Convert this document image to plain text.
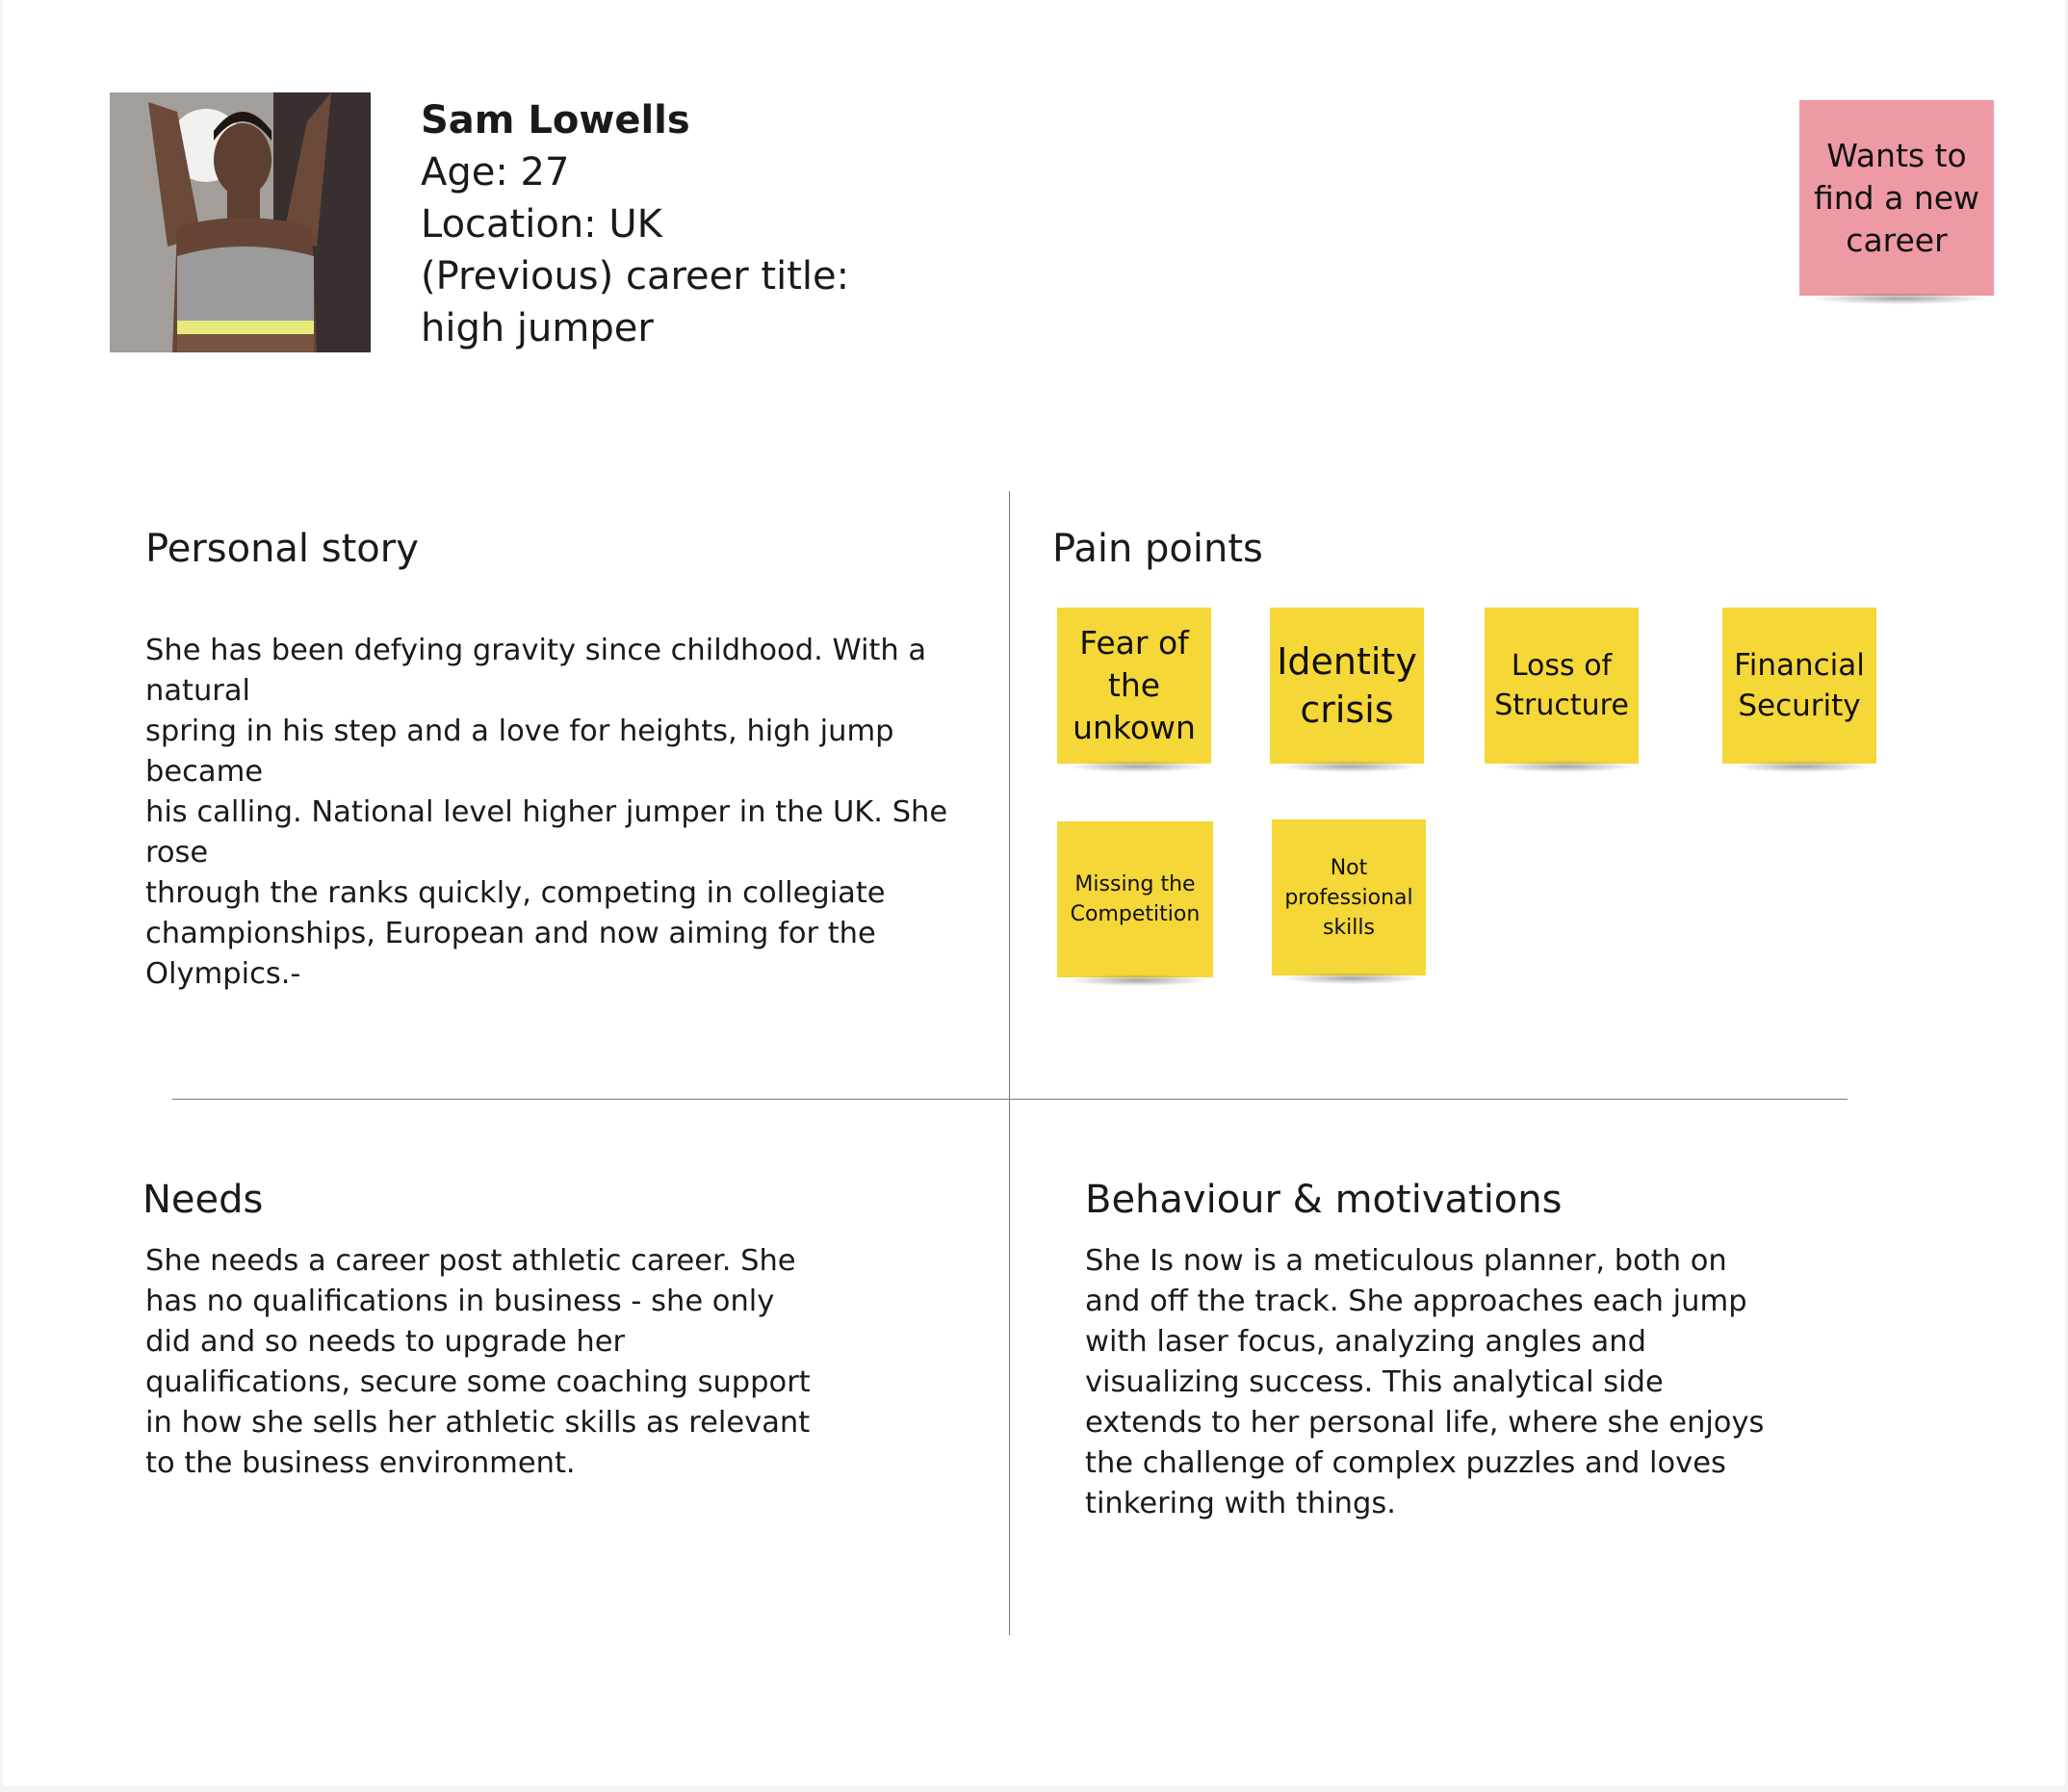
Sam Lowells
Age: 27
Location: UK
(Previous) career title:
high jumper
Wants to find a new career
Personal story
She has been defying gravity since childhood. With a natural
spring in his step and a love for heights, high jump became
his calling. National level higher jumper in the UK. She rose
through the ranks quickly, competing in collegiate
championships, European and now aiming for the
Olympics.-
Pain points
Fear of the unkown
Identity crisis
Loss of Structure
Financial Security
Missing the Competition
Not professional skills
Needs
She needs a career post athletic career. She
has no qualifications in business - she only
did and so needs to upgrade her
qualifications, secure some coaching support
in how she sells her athletic skills as relevant
to the business environment.
Behaviour & motivations
She Is now is a meticulous planner, both on
and off the track. She approaches each jump
with laser focus, analyzing angles and
visualizing success. This analytical side
extends to her personal life, where she enjoys
the challenge of complex puzzles and loves
tinkering with things.
